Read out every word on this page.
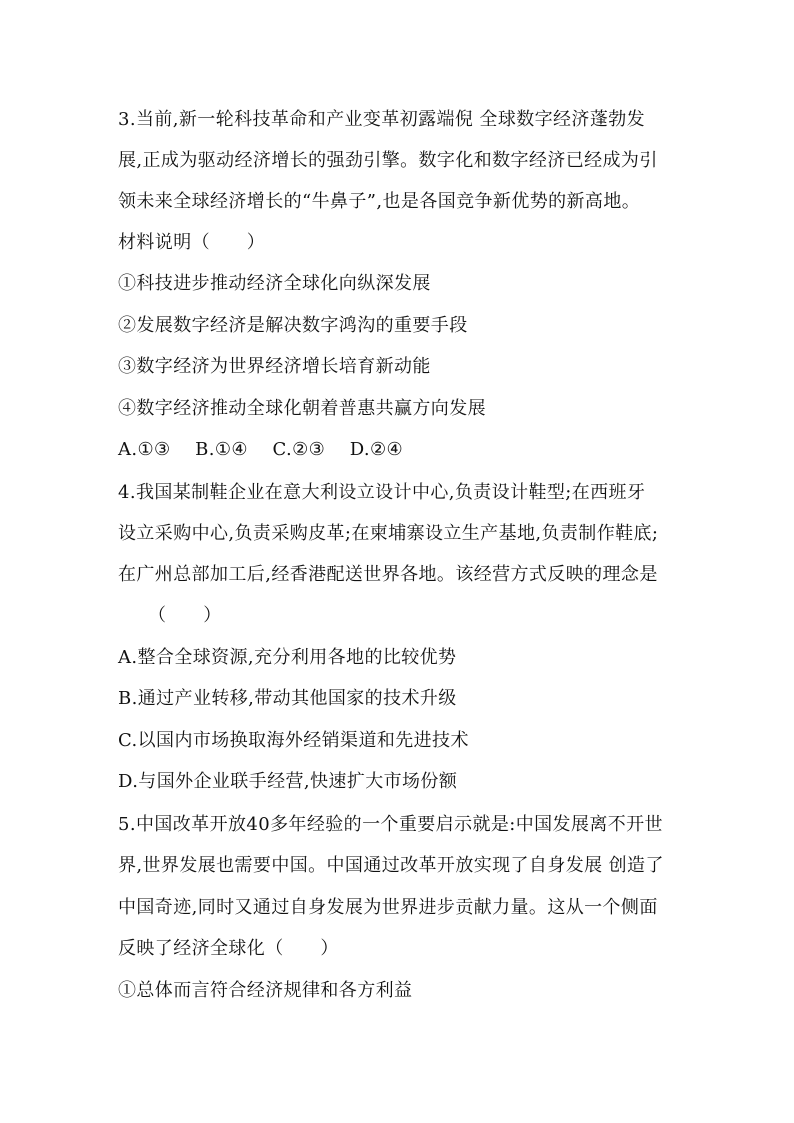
3.当前,新一轮科技革命和产业变革初露端倪 全球数字经济蓬勃发
展,正成为驱动经济增长的强劲引擎。数字化和数字经济已经成为引
领未来全球经济增长的“牛鼻子”,也是各国竞争新优势的新高地。
材料说明（　　）
①科技进步推动经济全球化向纵深发展
②发展数字经济是解决数字鸿沟的重要手段
③数字经济为世界经济增长培育新动能
④数字经济推动全球化朝着普惠共赢方向发展
A.①③　 B.①④　 C.②③　 D.②④
4.我国某制鞋企业在意大利设立设计中心,负责设计鞋型;在西班牙
设立采购中心,负责采购皮革;在柬埔寨设立生产基地,负责制作鞋底;
在广州总部加工后,经香港配送世界各地。该经营方式反映的理念是
（　　）
A.整合全球资源,充分利用各地的比较优势
B.通过产业转移,带动其他国家的技术升级
C.以国内市场换取海外经销渠道和先进技术
D.与国外企业联手经营,快速扩大市场份额
5.中国改革开放40多年经验的一个重要启示就是:中国发展离不开世
界,世界发展也需要中国。中国通过改革开放实现了自身发展 创造了
中国奇迹,同时又通过自身发展为世界进步贡献力量。这从一个侧面
反映了经济全球化（　　）
①总体而言符合经济规律和各方利益
